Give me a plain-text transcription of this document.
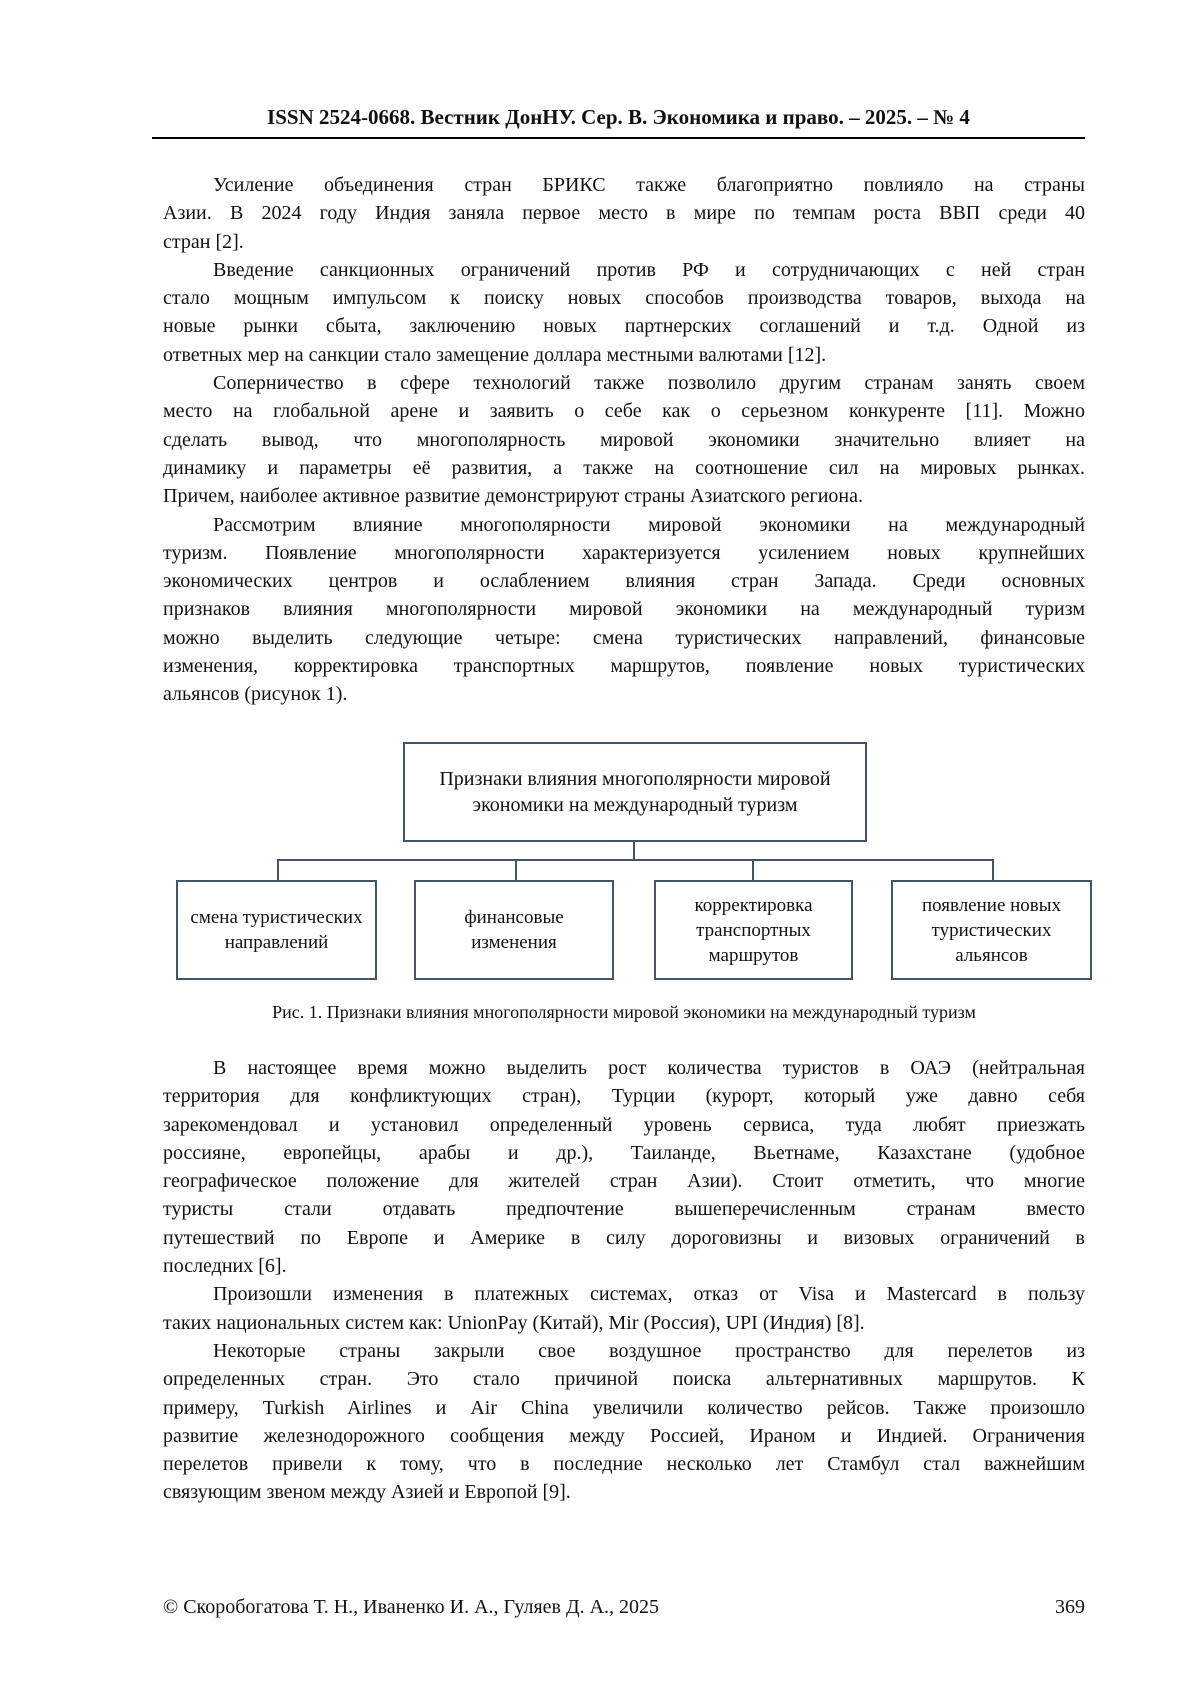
ISSN 2524-0668. Вестник ДонНУ. Сер. В. Экономика и право. – 2025. – № 4
Усиление объединения стран БРИКС также благоприятно повлияло на страны
Азии. В 2024 году Индия заняла первое место в мире по темпам роста ВВП среди 40
стран [2].
Введение санкционных ограничений против РФ и сотрудничающих с ней стран
стало мощным импульсом к поиску новых способов производства товаров, выхода на
новые рынки сбыта, заключению новых партнерских соглашений и т.д. Одной из
ответных мер на санкции стало замещение доллара местными валютами [12].
Соперничество в сфере технологий также позволило другим странам занять своем
место на глобальной арене и заявить о себе как о серьезном конкуренте [11]. Можно
сделать вывод, что многополярность мировой экономики значительно влияет на
динамику и параметры её развития, а также на соотношение сил на мировых рынках.
Причем, наиболее активное развитие демонстрируют страны Азиатского региона.
Рассмотрим влияние многополярности мировой экономики на международный
туризм. Появление многополярности характеризуется усилением новых крупнейших
экономических центров и ослаблением влияния стран Запада. Среди основных
признаков влияния многополярности мировой экономики на международный туризм
можно выделить следующие четыре: смена туристических направлений, финансовые
изменения, корректировка транспортных маршрутов, появление новых туристических
альянсов (рисунок 1).
Признаки влияния многополярности мировой
экономики на международный туризм
смена туристических
направлений
финансовые
изменения
корректировка
транспортных
маршрутов
появление новых
туристических
альянсов
Рис. 1. Признаки влияния многополярности мировой экономики на международный туризм
В настоящее время можно выделить рост количества туристов в ОАЭ (нейтральная
территория для конфликтующих стран), Турции (курорт, который уже давно себя
зарекомендовал и установил определенный уровень сервиса, туда любят приезжать
россияне, европейцы, арабы и др.), Таиланде, Вьетнаме, Казахстане (удобное
географическое положение для жителей стран Азии). Стоит отметить, что многие
туристы стали отдавать предпочтение вышеперечисленным странам вместо
путешествий по Европе и Америке в силу дороговизны и визовых ограничений в
последних [6].
Произошли изменения в платежных системах, отказ от Visa и Mastercard в пользу
таких национальных систем как: UnionPay (Китай), Mir (Россия), UPI (Индия) [8].
Некоторые страны закрыли свое воздушное пространство для перелетов из
определенных стран. Это стало причиной поиска альтернативных маршрутов. К
примеру, Turkish Airlines и Air China увеличили количество рейсов. Также произошло
развитие железнодорожного сообщения между Россией, Ираном и Индией. Ограничения
перелетов привели к тому, что в последние несколько лет Стамбул стал важнейшим
связующим звеном между Азией и Европой [9].
© Скоробогатова Т. Н., Иваненко И. А., Гуляев Д. А., 2025	369
